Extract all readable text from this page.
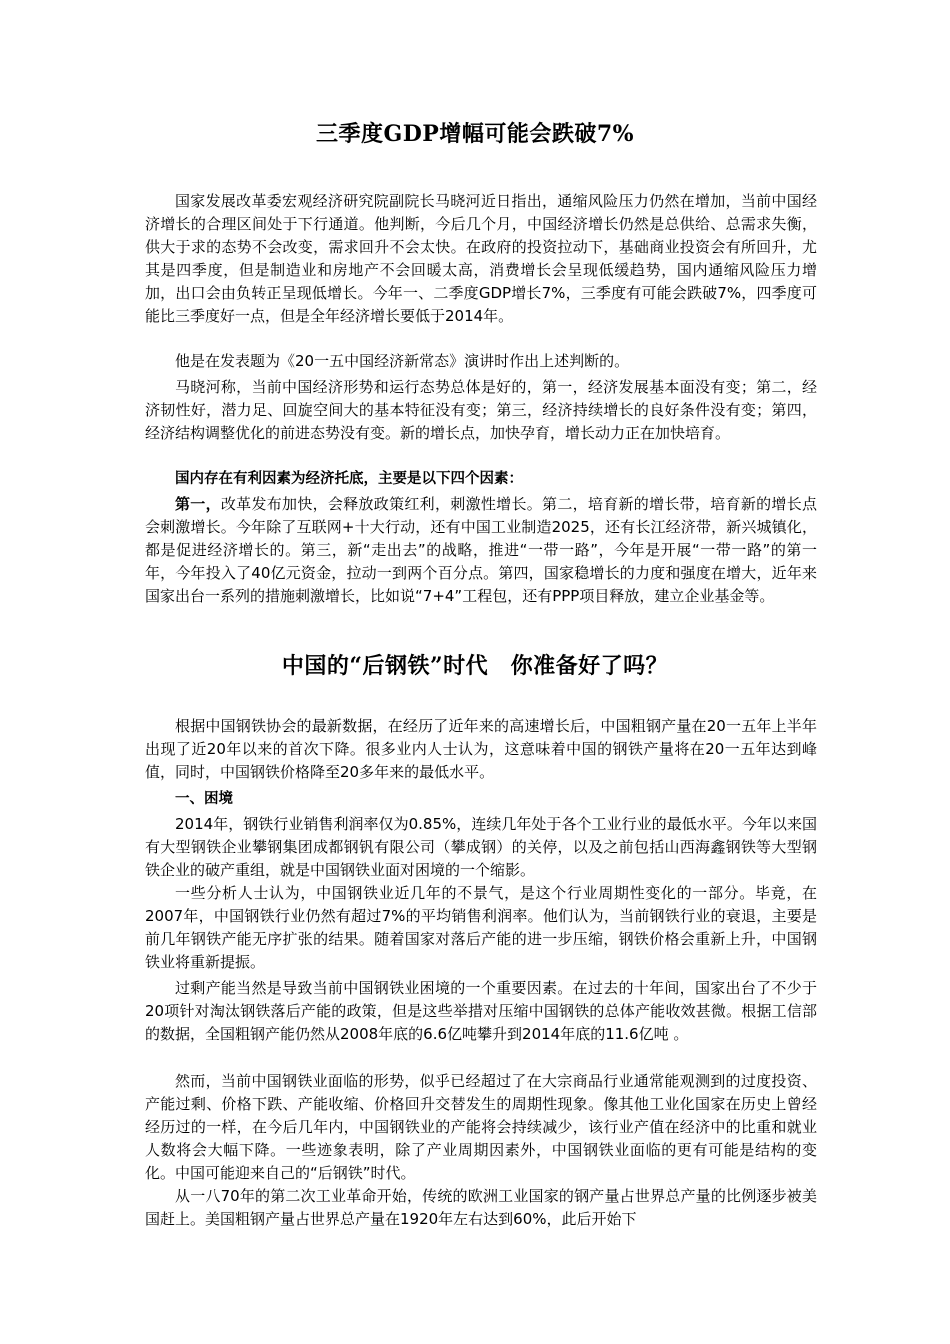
三季度GDP增幅可能会跌破7%

国家发展改革委宏观经济研究院副院长马晓河近日指出，通缩风险压力仍然在增加，当前中国经济增长的合理区间处于下行通道。他判断，今后几个月，中国经济增长仍然是总供给、总需求失衡，供大于求的态势不会改变，需求回升不会太快。在政府的投资拉动下，基础商业投资会有所回升，尤其是四季度，但是制造业和房地产不会回暖太高，消费增长会呈现低缓趋势，国内通缩风险压力增加，出口会由负转正呈现低增长。今年一、二季度GDP增长7%，三季度有可能会跌破7%，四季度可能比三季度好一点，但是全年经济增长要低于2014年。

他是在发表题为《20一五中国经济新常态》演讲时作出上述判断的。

马晓河称，当前中国经济形势和运行态势总体是好的，第一，经济发展基本面没有变；第二，经济韧性好，潜力足、回旋空间大的基本特征没有变；第三，经济持续增长的良好条件没有变；第四，经济结构调整优化的前进态势没有变。新的增长点，加快孕育，增长动力正在加快培育。

国内存在有利因素为经济托底，主要是以下四个因素：

第一，改革发布加快，会释放政策红利，刺激性增长。第二，培育新的增长带，培育新的增长点会刺激增长。今年除了互联网+十大行动，还有中国工业制造2025，还有长江经济带，新兴城镇化，都是促进经济增长的。第三，新“走出去”的战略，推进“一带一路”，今年是开展“一带一路”的第一年，今年投入了40亿元资金，拉动一到两个百分点。第四，国家稳增长的力度和强度在增大，近年来国家出台一系列的措施刺激增长，比如说“7+4”工程包，还有PPP项目释放，建立企业基金等。

中国的“后钢铁”时代　你准备好了吗？

根据中国钢铁协会的最新数据，在经历了近年来的高速增长后，中国粗钢产量在20一五年上半年出现了近20年以来的首次下降。很多业内人士认为，这意味着中国的钢铁产量将在20一五年达到峰值，同时，中国钢铁价格降至20多年来的最低水平。

一、困境

2014年，钢铁行业销售利润率仅为0.85%，连续几年处于各个工业行业的最低水平。今年以来国有大型钢铁企业攀钢集团成都钢钒有限公司（攀成钢）的关停，以及之前包括山西海鑫钢铁等大型钢铁企业的破产重组，就是中国钢铁业面对困境的一个缩影。

一些分析人士认为，中国钢铁业近几年的不景气，是这个行业周期性变化的一部分。毕竟，在2007年，中国钢铁行业仍然有超过7%的平均销售利润率。他们认为，当前钢铁行业的衰退，主要是前几年钢铁产能无序扩张的结果。随着国家对落后产能的进一步压缩，钢铁价格会重新上升，中国钢铁业将重新提振。

过剩产能当然是导致当前中国钢铁业困境的一个重要因素。在过去的十年间，国家出台了不少于20项针对淘汰钢铁落后产能的政策，但是这些举措对压缩中国钢铁的总体产能收效甚微。根据工信部的数据，全国粗钢产能仍然从2008年底的6.6亿吨攀升到2014年底的11.6亿吨 。

然而，当前中国钢铁业面临的形势，似乎已经超过了在大宗商品行业通常能观测到的过度投资、产能过剩、价格下跌、产能收缩、价格回升交替发生的周期性现象。像其他工业化国家在历史上曾经经历过的一样，在今后几年内，中国钢铁业的产能将会持续减少，该行业产值在经济中的比重和就业人数将会大幅下降。一些迹象表明，除了产业周期因素外，中国钢铁业面临的更有可能是结构的变化。中国可能迎来自己的“后钢铁”时代。

从一八70年的第二次工业革命开始，传统的欧洲工业国家的钢产量占世界总产量的比例逐步被美国赶上。美国粗钢产量占世界总产量在1920年左右达到60%，此后开始下
